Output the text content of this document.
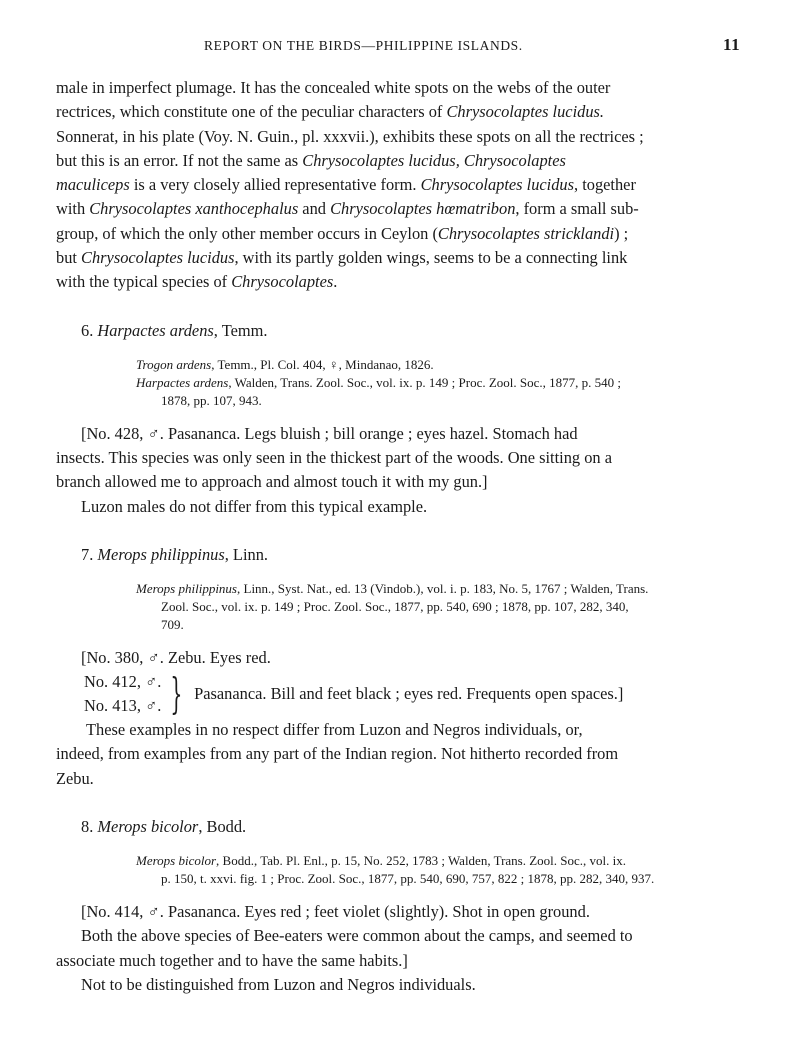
REPORT ON THE BIRDS—PHILIPPINE ISLANDS.	11

male in imperfect plumage. It has the concealed white spots on the webs of the outer
rectrices, which constitute one of the peculiar characters of Chrysocolaptes lucidus.
Sonnerat, in his plate (Voy. N. Guin., pl. xxxvii.), exhibits these spots on all the rectrices ;
but this is an error. If not the same as Chrysocolaptes lucidus, Chrysocolaptes
maculiceps is a very closely allied representative form. Chrysocolaptes lucidus, together
with Chrysocolaptes xanthocephalus and Chrysocolaptes hœmatribon, form a small sub-
group, of which the only other member occurs in Ceylon (Chrysocolaptes stricklandi) ;
but Chrysocolaptes lucidus, with its partly golden wings, seems to be a connecting link
with the typical species of Chrysocolaptes.

6. Harpactes ardens, Temm.
Trogon ardens, Temm., Pl. Col. 404, ♀, Mindanao, 1826.
Harpactes ardens, Walden, Trans. Zool. Soc., vol. ix. p. 149 ; Proc. Zool. Soc., 1877, p. 540 ;
1878, pp. 107, 943.

[No. 428, ♂. Pasananca. Legs bluish ; bill orange ; eyes hazel. Stomach had
insects. This species was only seen in the thickest part of the woods. One sitting on a
branch allowed me to approach and almost touch it with my gun.]
Luzon males do not differ from this typical example.

7. Merops philippinus, Linn.
Merops philippinus, Linn., Syst. Nat., ed. 13 (Vindob.), vol. i. p. 183, No. 5, 1767 ; Walden, Trans.
Zool. Soc., vol. ix. p. 149 ; Proc. Zool. Soc., 1877, pp. 540, 690 ; 1878, pp. 107, 282, 340,
709.

[No. 380, ♂. Zebu. Eyes red.

No. 412, ♂.
No. 413, ♂. } Pasananca. Bill and feet black ; eyes red. Frequents open spaces.]

These examples in no respect differ from Luzon and Negros individuals, or,
indeed, from examples from any part of the Indian region. Not hitherto recorded from
Zebu.

8. Merops bicolor, Bodd.
Merops bicolor, Bodd., Tab. Pl. Enl., p. 15, No. 252, 1783 ; Walden, Trans. Zool. Soc., vol. ix.
p. 150, t. xxvi. fig. 1 ; Proc. Zool. Soc., 1877, pp. 540, 690, 757, 822 ; 1878, pp. 282, 340, 937.

[No. 414, ♂. Pasananca. Eyes red ; feet violet (slightly). Shot in open ground.
Both the above species of Bee-eaters were common about the camps, and seemed to
associate much together and to have the same habits.]
Not to be distinguished from Luzon and Negros individuals.
